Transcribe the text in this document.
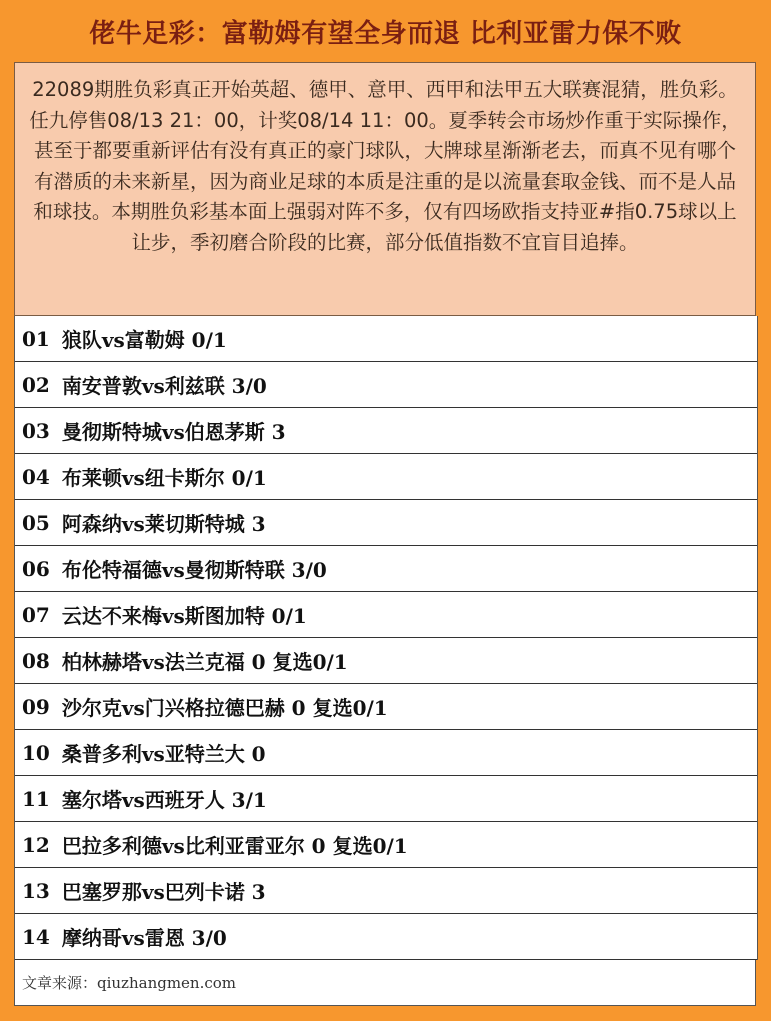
佬牛足彩：富勒姆有望全身而退 比利亚雷力保不败
22089期胜负彩真正开始英超、德甲、意甲、西甲和法甲五大联赛混猜，胜负彩。任九停售08/13 21：00，计奖08/14 11：00。夏季转会市场炒作重于实际操作，甚至于都要重新评估有没有真正的豪门球队，大牌球星渐渐老去，而真不见有哪个有潜质的未来新星，因为商业足球的本质是注重的是以流量套取金钱、而不是人品和球技。本期胜负彩基本面上强弱对阵不多，仅有四场欧指支持亚#指0.75球以上让步，季初磨合阶段的比赛，部分低值指数不宜盲目追捧。
01 狼队vs富勒姆 0/1
02 南安普敦vs利兹联 3/0
03 曼彻斯特城vs伯恩茅斯 3
04 布莱顿vs纽卡斯尔 0/1
05 阿森纳vs莱切斯特城 3
06 布伦特福德vs曼彻斯特联 3/0
07 云达不来梅vs斯图加特 0/1
08 柏林赫塔vs法兰克福 0 复选0/1
09 沙尔克vs门兴格拉德巴赫 0 复选0/1
10 桑普多利vs亚特兰大 0
11 塞尔塔vs西班牙人 3/1
12 巴拉多利德vs比利亚雷亚尔 0 复选0/1
13 巴塞罗那vs巴列卡诺 3
14 摩纳哥vs雷恩 3/0
文章来源：qiuzhangmen.com
